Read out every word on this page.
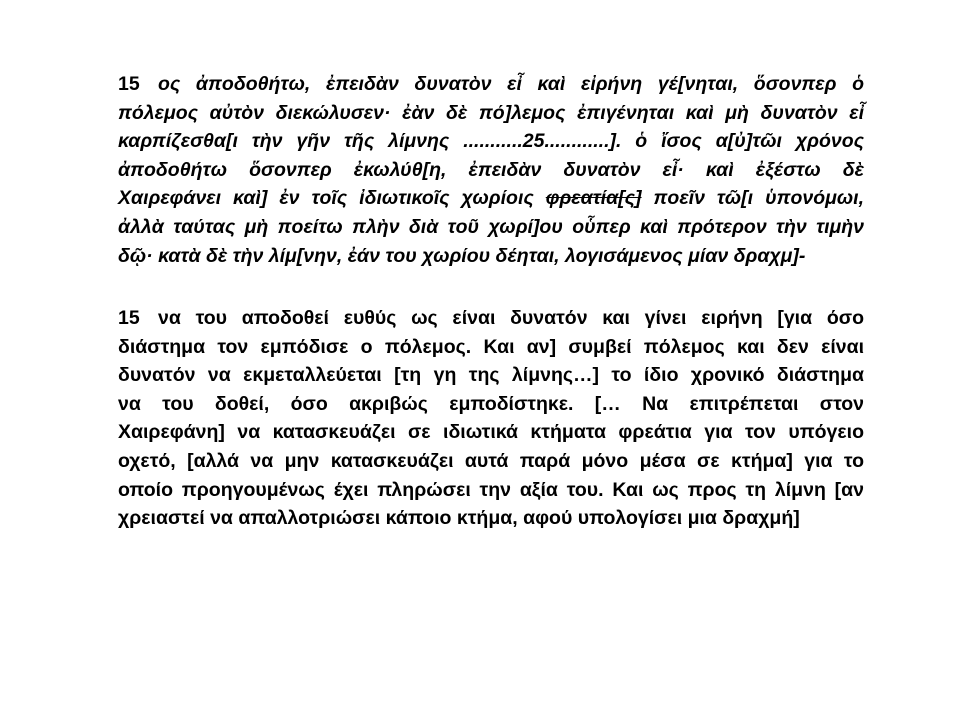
15 ος ἀποδοθήτω, ἐπειδὰν δυνατὸν εἶ καὶ εἰρήνη γέ[νηται, ὅσονπερ ὁ
πόλεμος αὐτὸν διεκώλυσεν· ἐὰν δὲ πό]λεμος ἐπιγένηται καὶ μὴ δυνατὸν εἶ
καρπίζεσθα[ι τὴν γῆν τῆς λίμνης ...........25............]. ὁ ἴσος α[ὐ]τῶι χρόνος
ἀποδοθήτω ὅσονπερ ἐκωλύθ[η, ἐπειδὰν δυνατὸν εἶ· καὶ ἐξέστω δὲ
Χαιρεφάνει καὶ] ἐν τοῖς ἰδιωτικοῖς χωρίοις φρεατία[ς] ποεῖν τῶ[ι ὑπονόμωι,
ἀλλὰ ταύτας μὴ ποείτω πλὴν διὰ τοῦ χωρί]ου οὗπερ καὶ πρότερον τὴν τιμὴν
δῷ· κατὰ δὲ τὴν λίμ[νην, ἐάν του χωρίου δέηται, λογισάμενος μίαν δραχμ]-
15 να του αποδοθεί ευθύς ως είναι δυνατόν και γίνει ειρήνη [για όσο
διάστημα τον εμπόδισε ο πόλεμος. Και αν] συμβεί πόλεμος και δεν είναι
δυνατόν να εκμεταλλεύεται [τη γη της λίμνης…] το ίδιο χρονικό διάστημα
να του δοθεί, όσο ακριβώς εμποδίστηκε. [… Να επιτρέπεται στον
Χαιρεφάνη] να κατασκευάζει σε ιδιωτικά κτήματα φρεάτια για τον υπόγειο
οχετό, [αλλά να μην κατασκευάζει αυτά παρά μόνο μέσα σε κτήμα] για το
οποίο προηγουμένως έχει πληρώσει την αξία του. Και ως προς τη λίμνη [αν
χρειαστεί να απαλλοτριώσει κάποιο κτήμα, αφού υπολογίσει μια δραχμή]
